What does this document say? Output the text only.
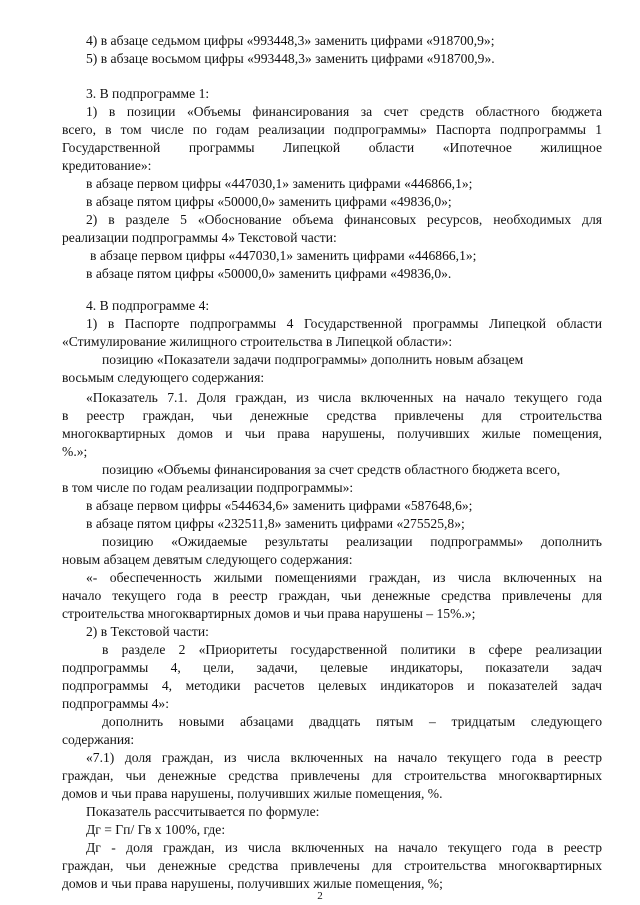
4) в абзаце седьмом цифры «993448,3» заменить цифрами «918700,9»;
5) в абзаце восьмом цифры «993448,3» заменить цифрами «918700,9».
3. В подпрограмме 1:
1) в позиции «Объемы финансирования за счет средств областного бюджета
всего, в том числе по годам реализации подпрограммы» Паспорта подпрограммы 1
Государственной программы Липецкой области «Ипотечное жилищное
кредитование»:
в абзаце первом цифры «447030,1» заменить цифрами «446866,1»;
в абзаце пятом цифры «50000,0» заменить цифрами «49836,0»;
2) в разделе 5 «Обоснование объема финансовых ресурсов, необходимых для
реализации подпрограммы 4» Текстовой части:
в абзаце первом цифры «447030,1» заменить цифрами «446866,1»;
в абзаце пятом цифры «50000,0» заменить цифрами «49836,0».
4. В подпрограмме 4:
1) в Паспорте подпрограммы 4 Государственной программы Липецкой области
«Стимулирование жилищного строительства в Липецкой области»:
позицию «Показатели задачи подпрограммы» дополнить новым абзацем
восьмым следующего содержания:
«Показатель 7.1. Доля граждан, из числа включенных на начало текущего года
в реестр граждан, чьи денежные средства привлечены для строительства
многоквартирных домов и чьи права нарушены, получивших жилые помещения,
%.»;
позицию «Объемы финансирования за счет средств областного бюджета всего,
в том числе по годам реализации подпрограммы»:
в абзаце первом цифры «544634,6» заменить цифрами «587648,6»;
в абзаце пятом цифры «232511,8» заменить цифрами «275525,8»;
позицию «Ожидаемые результаты реализации подпрограммы» дополнить
новым абзацем девятым следующего содержания:
«- обеспеченность жилыми помещениями граждан, из числа включенных на
начало текущего года в реестр граждан, чьи денежные средства привлечены для
строительства многоквартирных домов и чьи права нарушены – 15%.»;
2) в Текстовой части:
в разделе 2 «Приоритеты государственной политики в сфере реализации
подпрограммы 4, цели, задачи, целевые индикаторы, показатели задач
подпрограммы 4, методики расчетов целевых индикаторов и показателей задач
подпрограммы 4»:
дополнить новыми абзацами двадцать пятым – тридцатым следующего
содержания:
«7.1) доля граждан, из числа включенных на начало текущего года в реестр
граждан, чьи денежные средства привлечены для строительства многоквартирных
домов и чьи права нарушены, получивших жилые помещения, %.
Показатель рассчитывается по формуле:
Дг = Гп/ Гв x 100%, где:
Дг - доля граждан, из числа включенных на начало текущего года в реестр
граждан, чьи денежные средства привлечены для строительства многоквартирных
домов и чьи права нарушены, получивших жилые помещения, %;
2
